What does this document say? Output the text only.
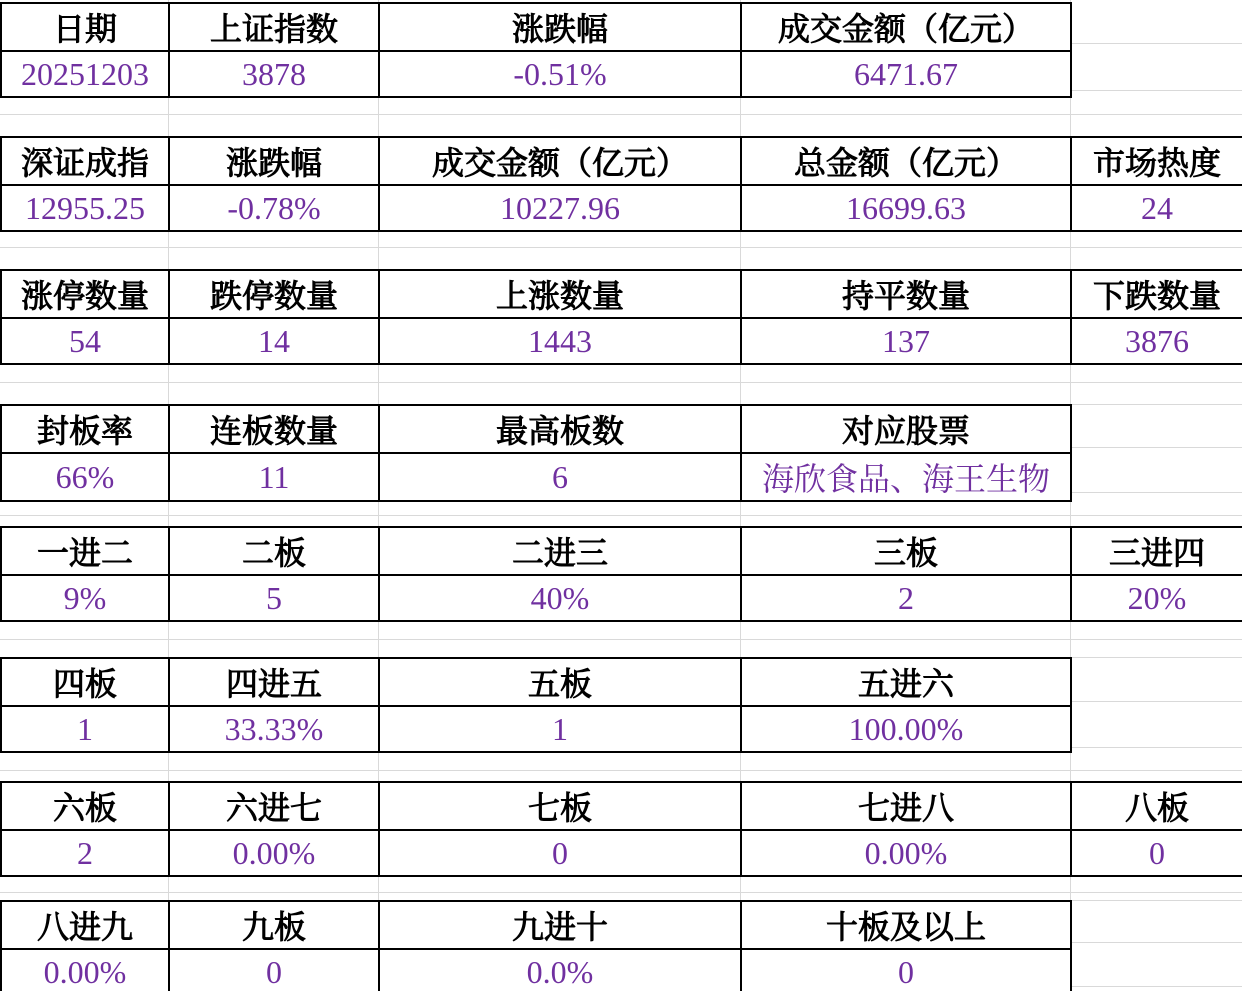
日期	上证指数	涨跌幅	成交金额（亿元）
20251203	3878	-0.51%	6471.67
深证成指	涨跌幅	成交金额（亿元）	总金额（亿元）	市场热度
12955.25	-0.78%	10227.96	16699.63	24
涨停数量	跌停数量	上涨数量	持平数量	下跌数量
54	14	1443	137	3876
封板率	连板数量	最高板数	对应股票
66%	11	6	海欣食品、海王生物
一进二	二板	二进三	三板	三进四
9%	5	40%	2	20%
四板	四进五	五板	五进六
1	33.33%	1	100.00%
六板	六进七	七板	七进八	八板
2	0.00%	0	0.00%	0
八进九	九板	九进十	十板及以上
0.00%	0	0.0%	0
